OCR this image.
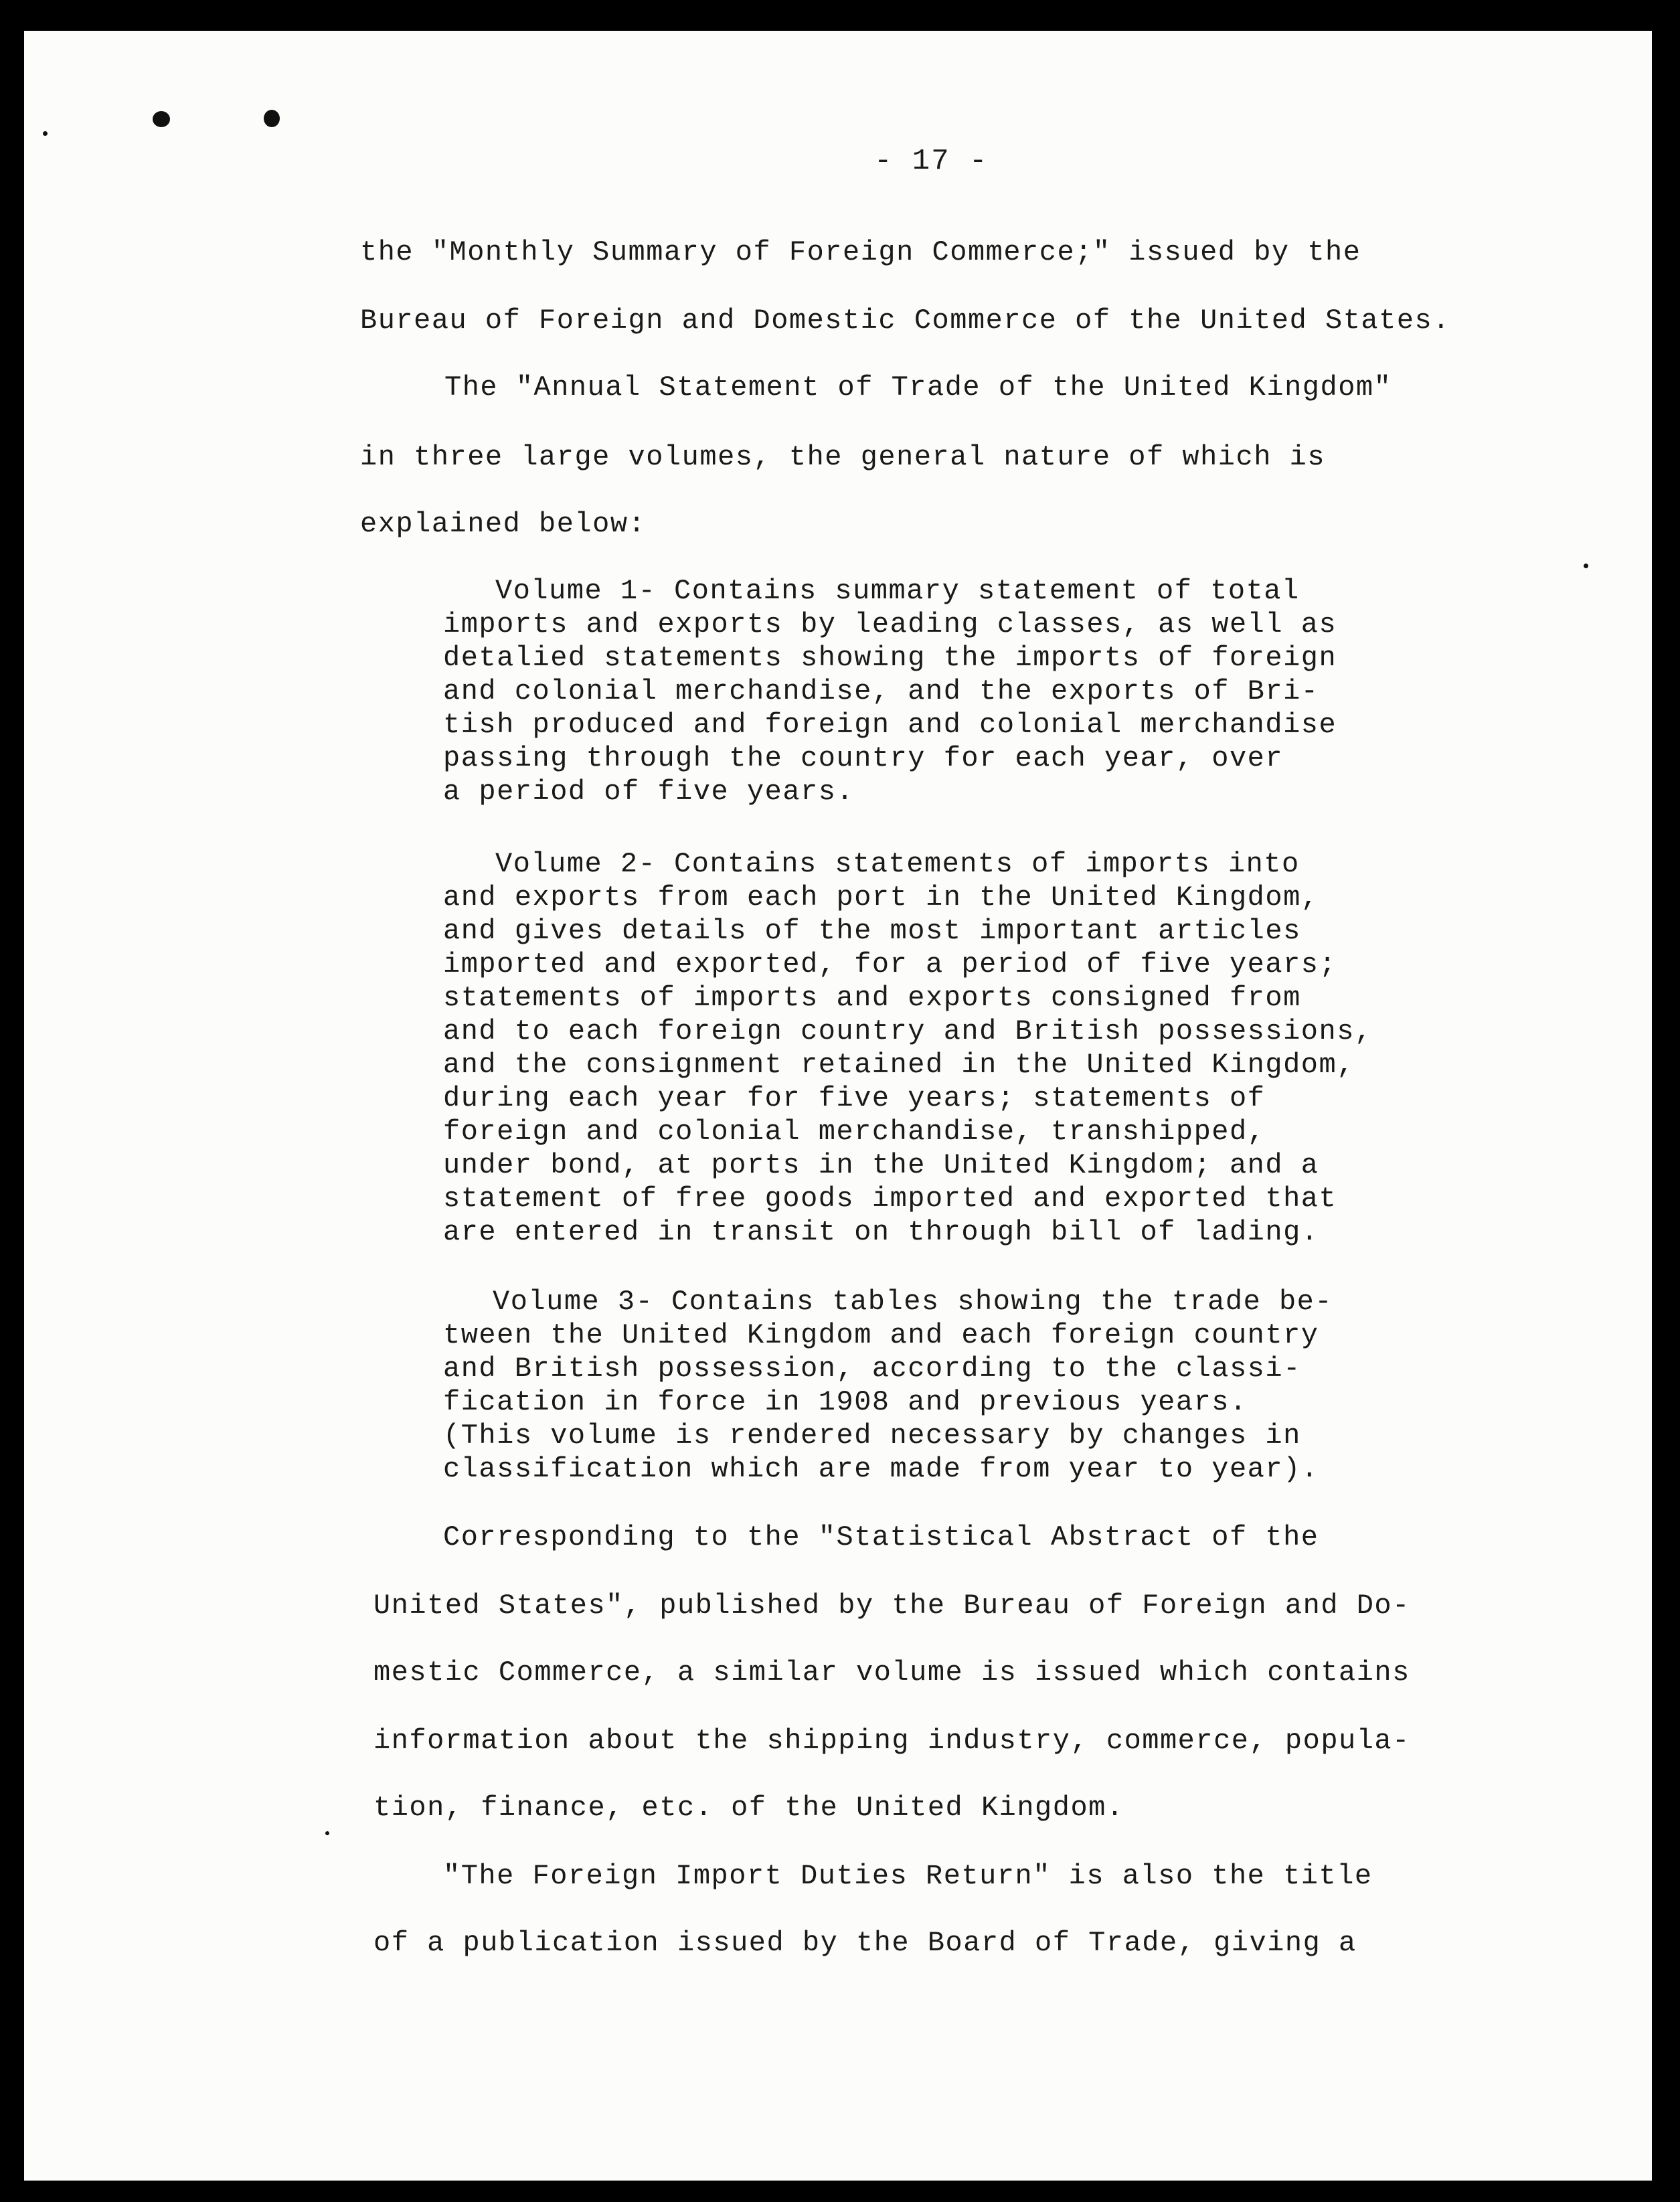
- 17 -
the "Monthly Summary of Foreign Commerce;" issued by the
Bureau of Foreign and Domestic Commerce of the United States.
The "Annual Statement of Trade of the United Kingdom"
in three large volumes, the general nature of which is
explained below:
Volume 1- Contains summary statement of total
imports and exports by leading classes, as well as
detalied statements showing the imports of foreign
and colonial merchandise, and the exports of Bri-
tish produced and foreign and colonial merchandise
passing through the country for each year, over
a period of five years.
Volume 2- Contains statements of imports into
and exports from each port in the United Kingdom,
and gives details of the most important articles
imported and exported, for a period of five years;
statements of imports and exports consigned from
and to each foreign country and British possessions,
and the consignment retained in the United Kingdom,
during each year for five years; statements of
foreign and colonial merchandise, transhipped,
under bond, at ports in the United Kingdom; and a
statement of free goods imported and exported that
are entered in transit on through bill of lading.
Volume 3- Contains tables showing the trade be-
tween the United Kingdom and each foreign country
and British possession, according to the classi-
fication in force in 1908 and previous years.
(This volume is rendered necessary by changes in
classification which are made from year to year).
Corresponding to the "Statistical Abstract of the
United States", published by the Bureau of Foreign and Do-
mestic Commerce, a similar volume is issued which contains
information about the shipping industry, commerce, popula-
tion, finance, etc. of the United Kingdom.
"The Foreign Import Duties Return" is also the title
of a publication issued by the Board of Trade, giving a
